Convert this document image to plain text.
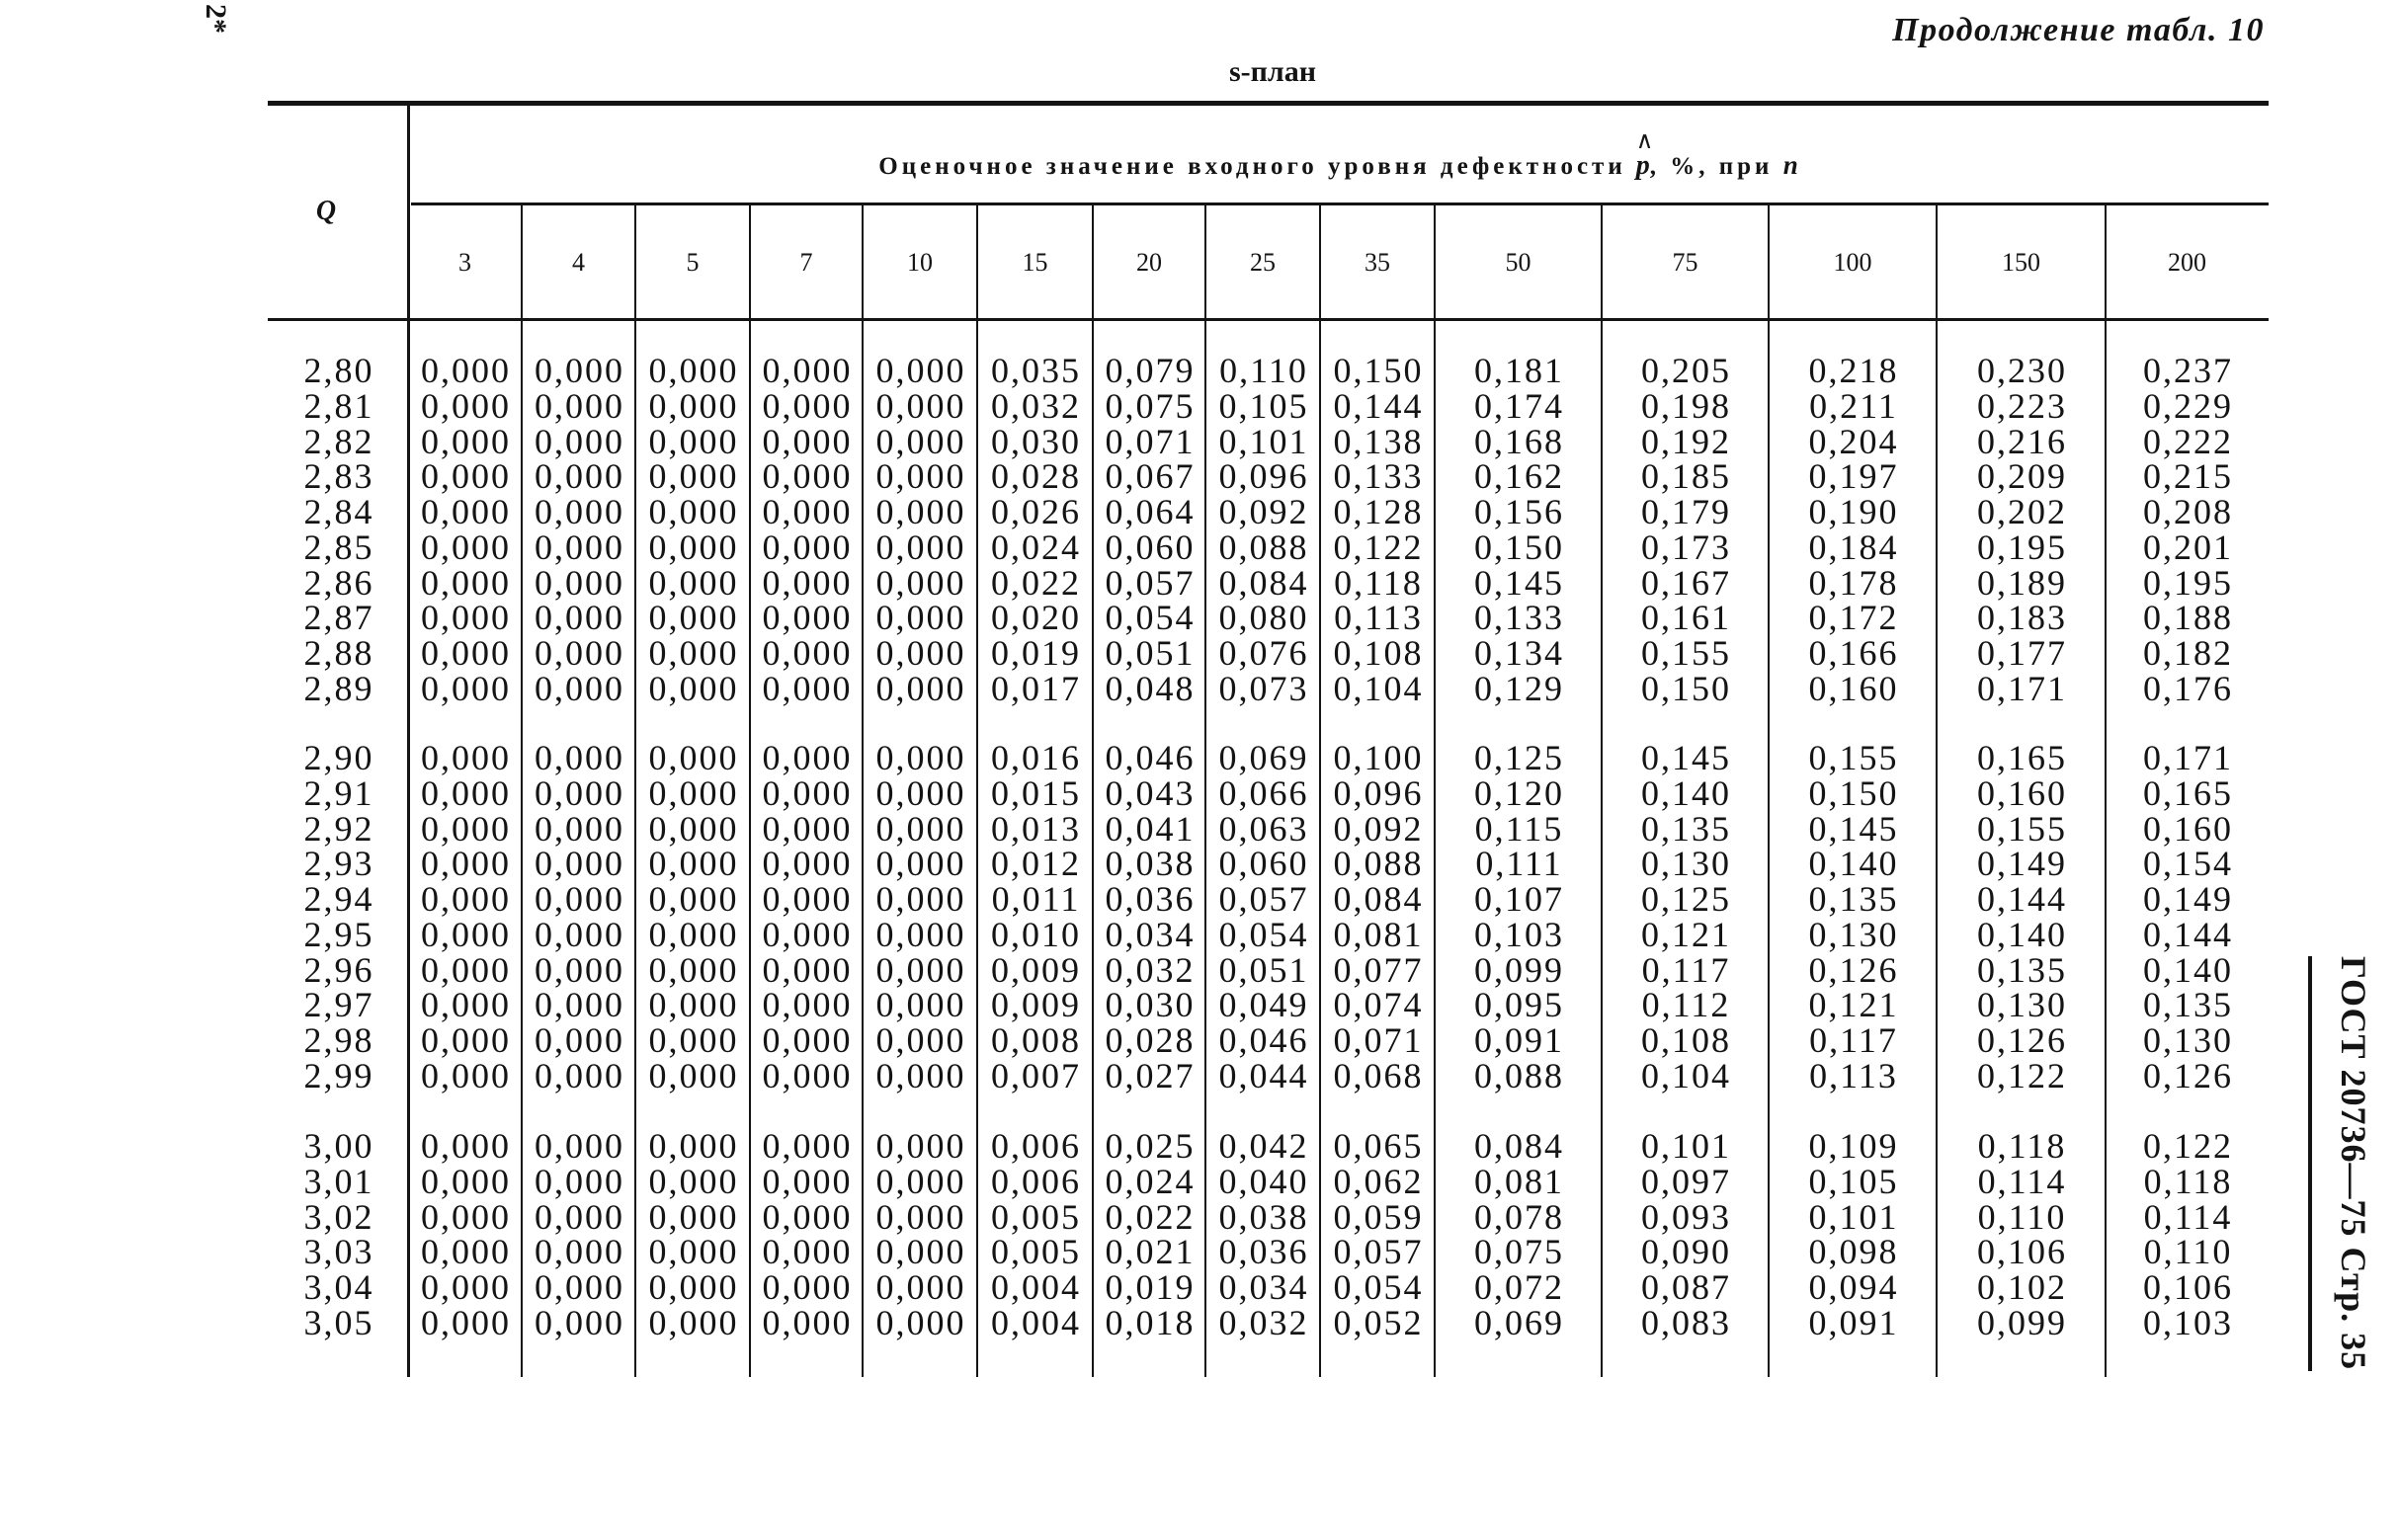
2*	Продолжение табл. 10
s-план
Q
Оценочное значение входного уровня дефектности
∧
p, %, при n
3	4	5	7	10	15	20	25	35	50	75	100	150	200
2,80	0,000 0,000 0,000 0,000 0,000 0,035 0,079 0,110 0,150	0,181	0,205	0,218	0,230	0,237
2,81	0,000 0,000 0,000 0,000 0,000 0,032 0,075 0,105 0,144	0,174	0,198	0,211	0,223	0,229
2,82	0,000 0,000 0,000 0,000 0,000 0,030 0,071 0,101 0,138	0,168	0,192	0,204	0,216	0,222
2,83	0,000 0,000 0,000 0,000 0,000 0,028 0,067 0,096 0,133	0,162	0,185	0,197	0,209	0,215
2,84	0,000 0,000 0,000 0,000 0,000 0,026 0,064 0,092 0,128	0,156	0,179	0,190	0,202	0,208
2,85	0,000 0,000 0,000 0,000 0,000 0,024 0,060 0,088 0,122	0,150	0,173	0,184	0,195	0,201
2,86	0,000 0,000 0,000 0,000 0,000 0,022 0,057 0,084 0,118	0,145	0,167	0,178	0,189	0,195
2,87	0,000 0,000 0,000 0,000 0,000 0,020 0,054 0,080 0,113	0,133	0,161	0,172	0,183	0,188
2,88	0,000 0,000 0,000 0,000 0,000 0,019 0,051 0,076 0,108	0,134	0,155	0,166	0,177	0,182
2,89	0,000 0,000 0,000 0,000 0,000 0,017 0,048 0,073 0,104	0,129	0,150	0,160	0,171	0,176
2,90	0,000 0,000 0,000 0,000 0,000 0,016 0,046 0,069 0,100	0,125	0,145	0,155	0,165	0,171
2,91	0,000 0,000 0,000 0,000 0,000 0,015 0,043 0,066 0,096	0,120	0,140	0,150	0,160	0,165
2,92	0,000 0,000 0,000 0,000 0,000 0,013 0,041 0,063 0,092	0,115	0,135	0,145	0,155	0,160
2,93	0,000 0,000 0,000 0,000 0,000 0,012 0,038 0,060 0,088	0,111	0,130	0,140	0,149	0,154
2,94	0,000 0,000 0,000 0,000 0,000 0,011 0,036 0,057 0,084	0,107	0,125	0,135	0,144	0,149
2,95	0,000 0,000 0,000 0,000 0,000 0,010 0,034 0,054 0,081	0,103	0,121	0,130	0,140	0,144
2,96	0,000 0,000 0,000 0,000 0,000 0,009 0,032 0,051 0,077	0,099	0,117	0,126	0,135	0,140
2,97	0,000 0,000 0,000 0,000 0,000 0,009 0,030 0,049 0,074	0,095	0,112	0,121	0,130	0,135
2,98	0,000 0,000 0,000 0,000 0,000 0,008 0,028 0,046 0,071	0,091	0,108	0,117	0,126	0,130
2,99	0,000 0,000 0,000 0,000 0,000 0,007 0,027 0,044 0,068	0,088	0,104	0,113	0,122	0,126
3,00	0,000 0,000 0,000 0,000 0,000 0,006 0,025 0,042 0,065	0,084	0,101	0,109	0,118	0,122
3,01	0,000 0,000 0,000 0,000 0,000 0,006 0,024 0,040 0,062	0,081	0,097	0,105	0,114	0,118
3,02	0,000 0,000 0,000 0,000 0,000 0,005 0,022 0,038 0,059	0,078	0,093	0,101	0,110	0,114
3,03	0,000 0,000 0,000 0,000 0,000 0,005 0,021 0,036 0,057	0,075	0,090	0,098	0,106	0,110
3,04	0,000 0,000 0,000 0,000 0,000 0,004 0,019 0,034 0,054	0,072	0,087	0,094	0,102	0,106
3,05	0,000 0,000 0,000 0,000 0,000 0,004 0,018 0,032 0,052	0,069	0,083	0,091	0,099	0,103	ГОСТ 20736—75 Стр. 35
